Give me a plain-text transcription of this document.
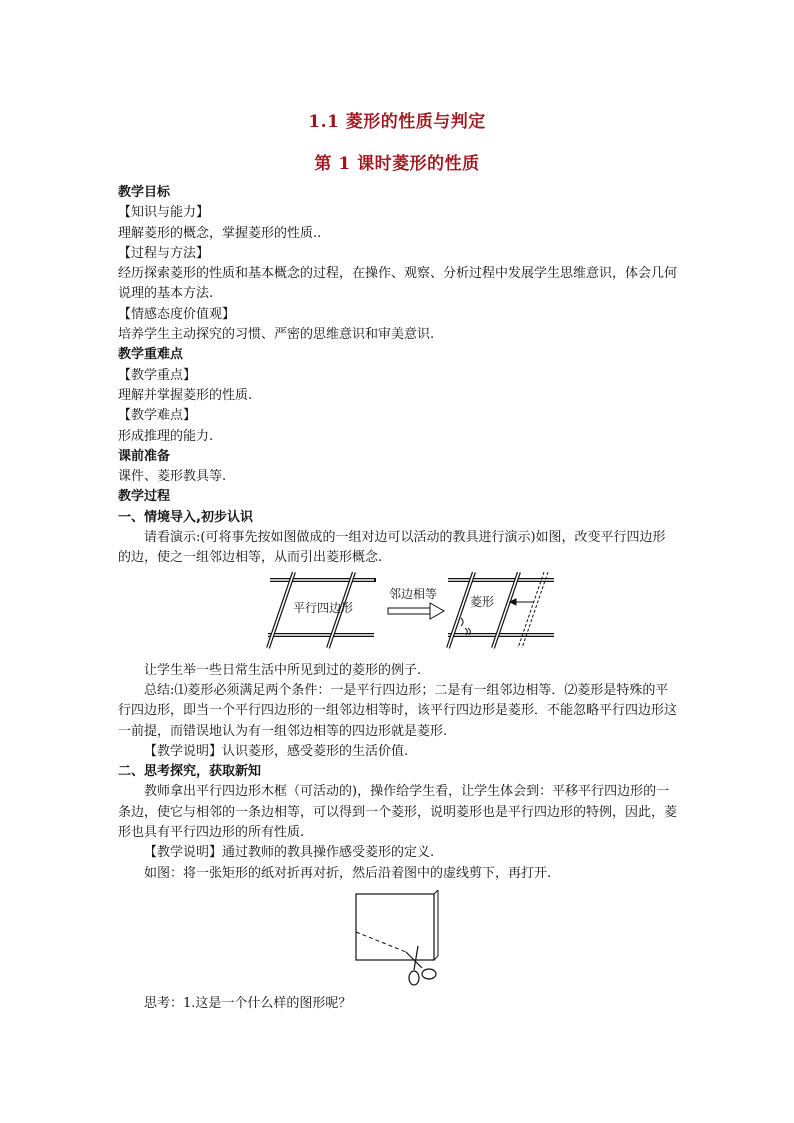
1.1 菱形的性质与判定
第 1 课时菱形的性质

教学目标

【知识与能力】

理解菱形的概念，掌握菱形的性质..

【过程与方法】

经历探索菱形的性质和基本概念的过程，在操作、观察、分析过程中发展学生思维意识，体会几何说理的基本方法.

【情感态度价值观】

培养学生主动探究的习惯、严密的思维意识和审美意识.

教学重难点

【教学重点】

理解并掌握菱形的性质.

【教学难点】

形成推理的能力.

课前准备

课件、菱形教具等.

教学过程

一、情境导入,初步认识

请看演示:(可将事先按如图做成的一组对边可以活动的教具进行演示)如图，改变平行四边形的边，使之一组邻边相等，从而引出菱形概念.

平行四边形
邻边相等
菱形

让学生举一些日常生活中所见到过的菱形的例子.

总结:⑴菱形必须满足两个条件：一是平行四边形；二是有一组邻边相等．⑵菱形是特殊的平行四边形，即当一个平行四边形的一组邻边相等时，该平行四边形是菱形．不能忽略平行四边形这一前提，而错误地认为有一组邻边相等的四边形就是菱形.

【教学说明】认识菱形，感受菱形的生活价值.

二、思考探究，获取新知

教师拿出平行四边形木框（可活动的)，操作给学生看，让学生体会到：平移平行四边形的一条边，使它与相邻的一条边相等，可以得到一个菱形，说明菱形也是平行四边形的特例，因此，菱形也具有平行四边形的所有性质.

【教学说明】通过教师的教具操作感受菱形的定义.

如图：将一张矩形的纸对折再对折，然后沿着图中的虚线剪下，再打开.

思考：1.这是一个什么样的图形呢？
